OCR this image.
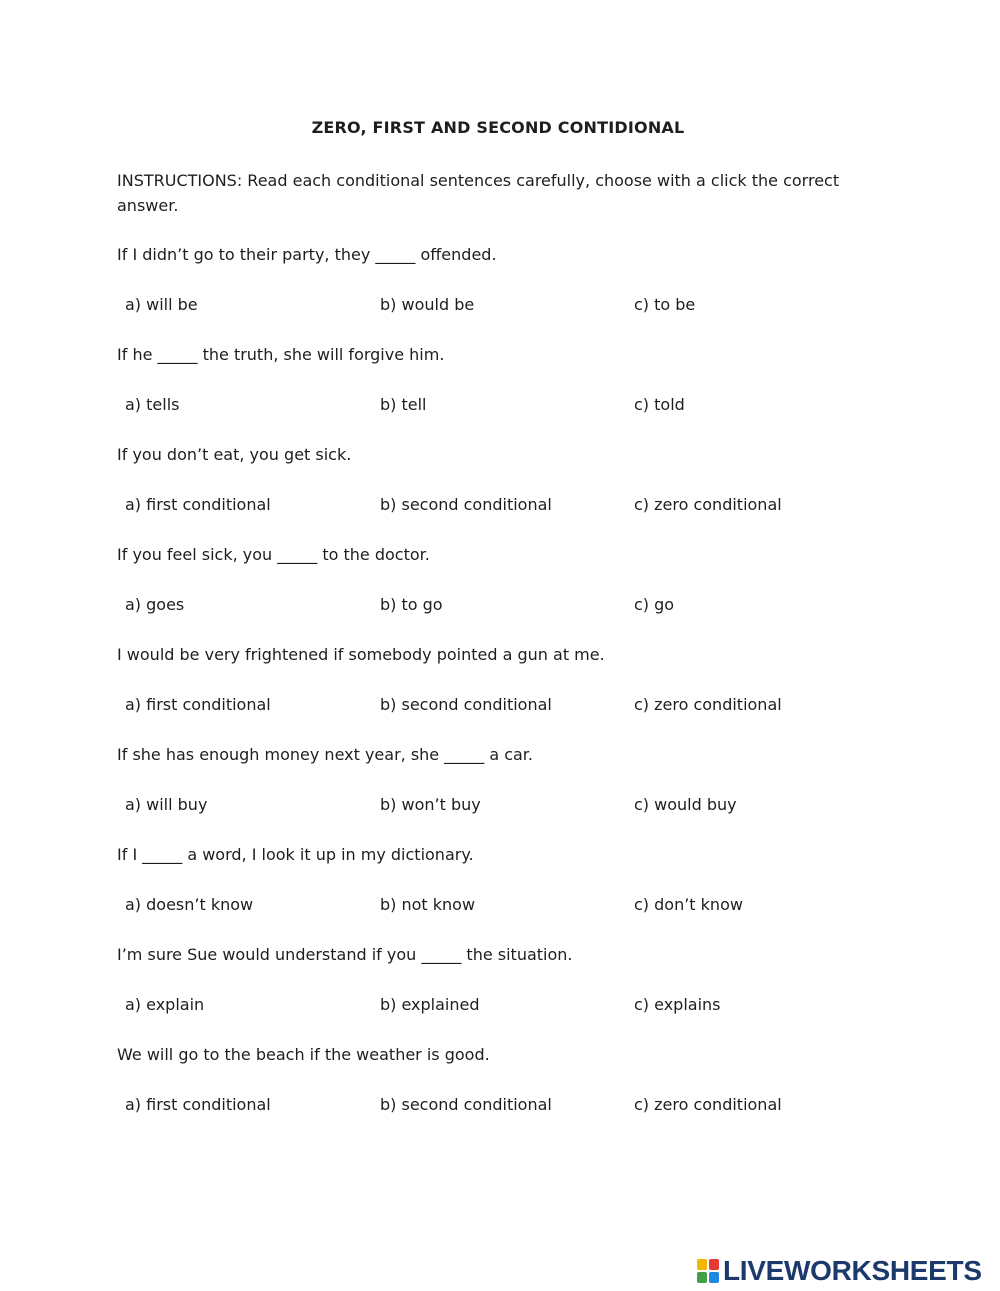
ZERO, FIRST AND SECOND CONTIDIONAL

INSTRUCTIONS: Read each conditional sentences carefully, choose with a click the correct answer.

If I didn’t go to their party, they _____ offended.

a) will be	b) would be	c) to be

If he _____ the truth, she will forgive him.

a) tells	b) tell	c) told

If you don’t eat, you get sick.

a) first conditional	b) second conditional	c) zero conditional

If you feel sick, you _____ to the doctor.

a) goes	b) to go	c) go

I would be very frightened if somebody pointed a gun at me.

a) first conditional	b) second conditional	c) zero conditional

If she has enough money next year, she _____ a car.

a) will buy	b) won’t buy	c) would buy

If I _____ a word, I look it up in my dictionary.

a) doesn’t know	b) not know	c) don’t know

I’m sure Sue would understand if you _____ the situation.

a) explain	b) explained	c) explains

We will go to the beach if the weather is good.

a) first conditional	b) second conditional	c) zero conditional
LIVEWORKSHEETS
